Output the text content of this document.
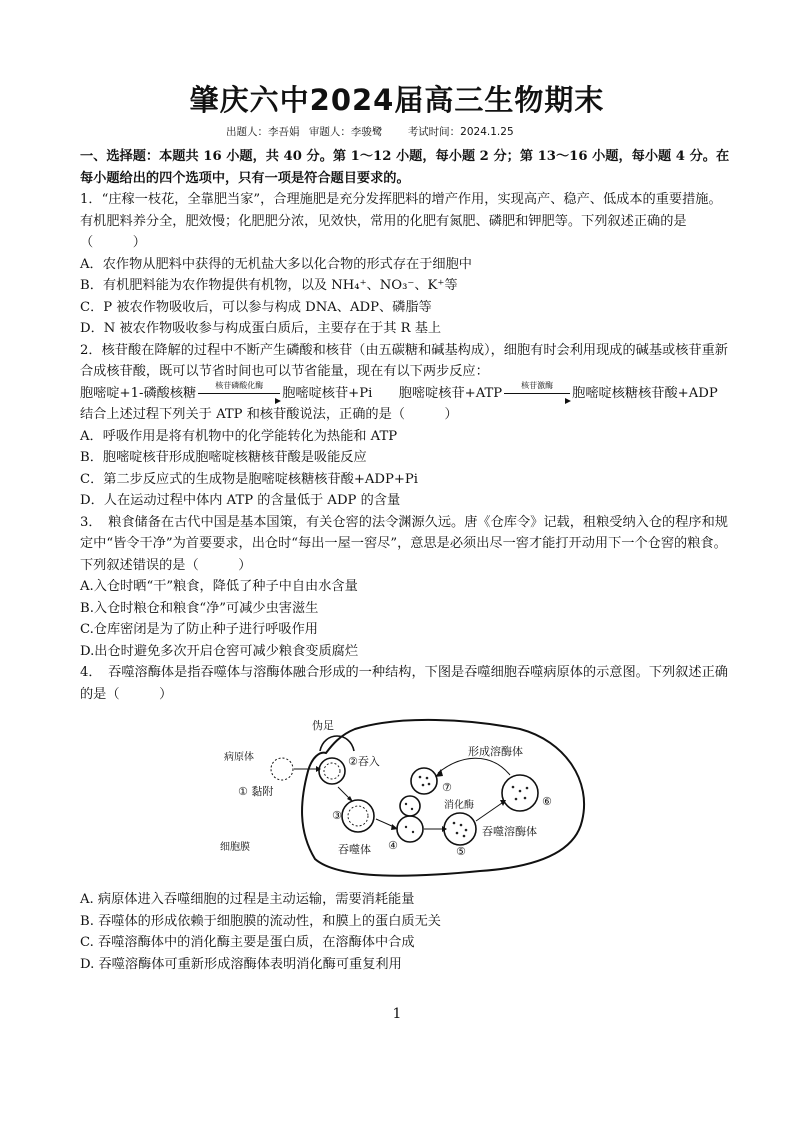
肇庆六中2024届高三生物期末
出题人：李吾娟 审题人：李骏鹭 考试时间：2024.1.25

一、选择题：本题共 16 小题，共 40 分。第 1～12 小题，每小题 2 分；第 13～16 小题，每小题 4 分。在每小题给出的四个选项中，只有一项是符合题目要求的。

1．“庄稼一枝花，全靠肥当家”，合理施肥是充分发挥肥料的增产作用，实现高产、稳产、低成本的重要措施。有机肥料养分全，肥效慢；化肥肥分浓，见效快，常用的化肥有氮肥、磷肥和钾肥等。下列叙述正确的是（　　　）

A．农作物从肥料中获得的无机盐大多以化合物的形式存在于细胞中

B．有机肥料能为农作物提供有机物，以及 NH₄⁺、NO₃⁻、K⁺等

C．P 被农作物吸收后，可以参与构成 DNA、ADP、磷脂等

D．N 被农作物吸收参与构成蛋白质后，主要存在于其 R 基上

2．核苷酸在降解的过程中不断产生磷酸和核苷（由五碳糖和碱基构成），细胞有时会利用现成的碱基或核苷重新合成核苷酸，既可以节省时间也可以节省能量，现在有以下两步反应：

胞嘧啶+1-磷酸核糖	核苷磷酸化酶	胞嘧啶核苷+Pi 胞嘧啶核苷+ATP	核苷激酶	胞嘧啶核糖核苷酸+ADP

结合上述过程下列关于 ATP 和核苷酸说法，正确的是（　　　）

A．呼吸作用是将有机物中的化学能转化为热能和 ATP

B．胞嘧啶核苷形成胞嘧啶核糖核苷酸是吸能反应

C．第二步反应式的生成物是胞嘧啶核糖核苷酸+ADP+Pi

D．人在运动过程中体内 ATP 的含量低于 ADP 的含量

3．　粮食储备在古代中国是基本国策，有关仓窖的法令渊源久远。唐《仓库令》记载，租粮受纳入仓的程序和规定中“皆令干净”为首要要求，出仓时“每出一屋一窖尽”，意思是必须出尽一窖才能打开动用下一个仓窖的粮食。下列叙述错误的是（　　　）

A.入仓时晒“干”粮食，降低了种子中自由水含量

B.入仓时粮仓和粮食“净”可减少虫害滋生

C.仓库密闭是为了防止种子进行呼吸作用

D.出仓时避免多次开启仓窖可减少粮食变质腐烂

4．　吞噬溶酶体是指吞噬体与溶酶体融合形成的一种结构，下图是吞噬细胞吞噬病原体的示意图。下列叙述正确的是（　　　）

伪足
病原体
① 黏附
②吞入
形成溶酶体
消化酶
吞噬体
吞噬溶酶体
细胞膜
③
④	⑤
⑥
⑦

A. 病原体进入吞噬细胞的过程是主动运输，需要消耗能量

B. 吞噬体的形成依赖于细胞膜的流动性，和膜上的蛋白质无关

C. 吞噬溶酶体中的消化酶主要是蛋白质，在溶酶体中合成

D. 吞噬溶酶体可重新形成溶酶体表明消化酶可重复利用

1
